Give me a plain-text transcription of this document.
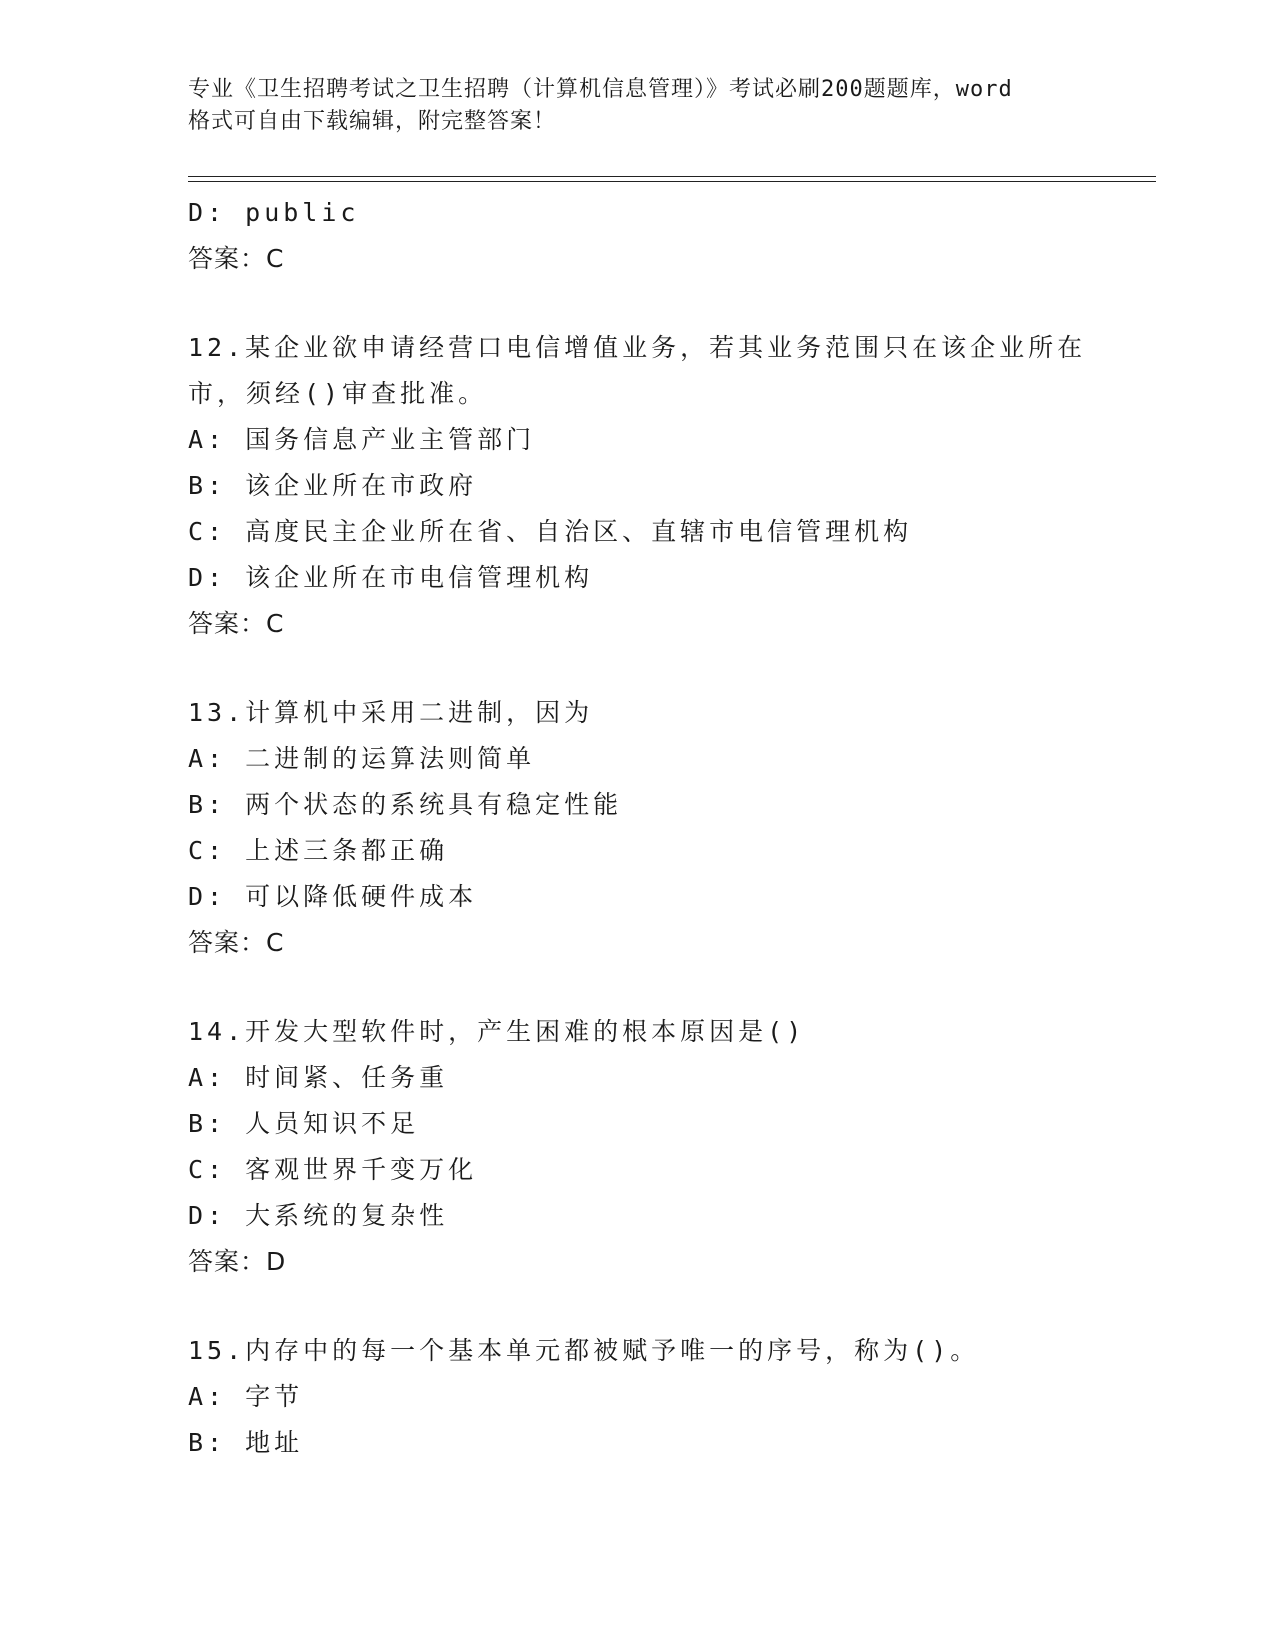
专业《卫生招聘考试之卫生招聘（计算机信息管理）》考试必刷200题题库，word
格式可自由下载编辑，附完整答案！
D: public
答案：C
12.某企业欲申请经营口电信增值业务，若其业务范围只在该企业所在
市，须经()审查批准。
A: 国务信息产业主管部门
B: 该企业所在市政府
C: 高度民主企业所在省、自治区、直辖市电信管理机构
D: 该企业所在市电信管理机构
答案：C
13.计算机中采用二进制，因为
A: 二进制的运算法则简单
B: 两个状态的系统具有稳定性能
C: 上述三条都正确
D: 可以降低硬件成本
答案：C
14.开发大型软件时，产生困难的根本原因是()
A: 时间紧、任务重
B: 人员知识不足
C: 客观世界千变万化
D: 大系统的复杂性
答案：D
15.内存中的每一个基本单元都被赋予唯一的序号，称为()。
A: 字节
B: 地址
